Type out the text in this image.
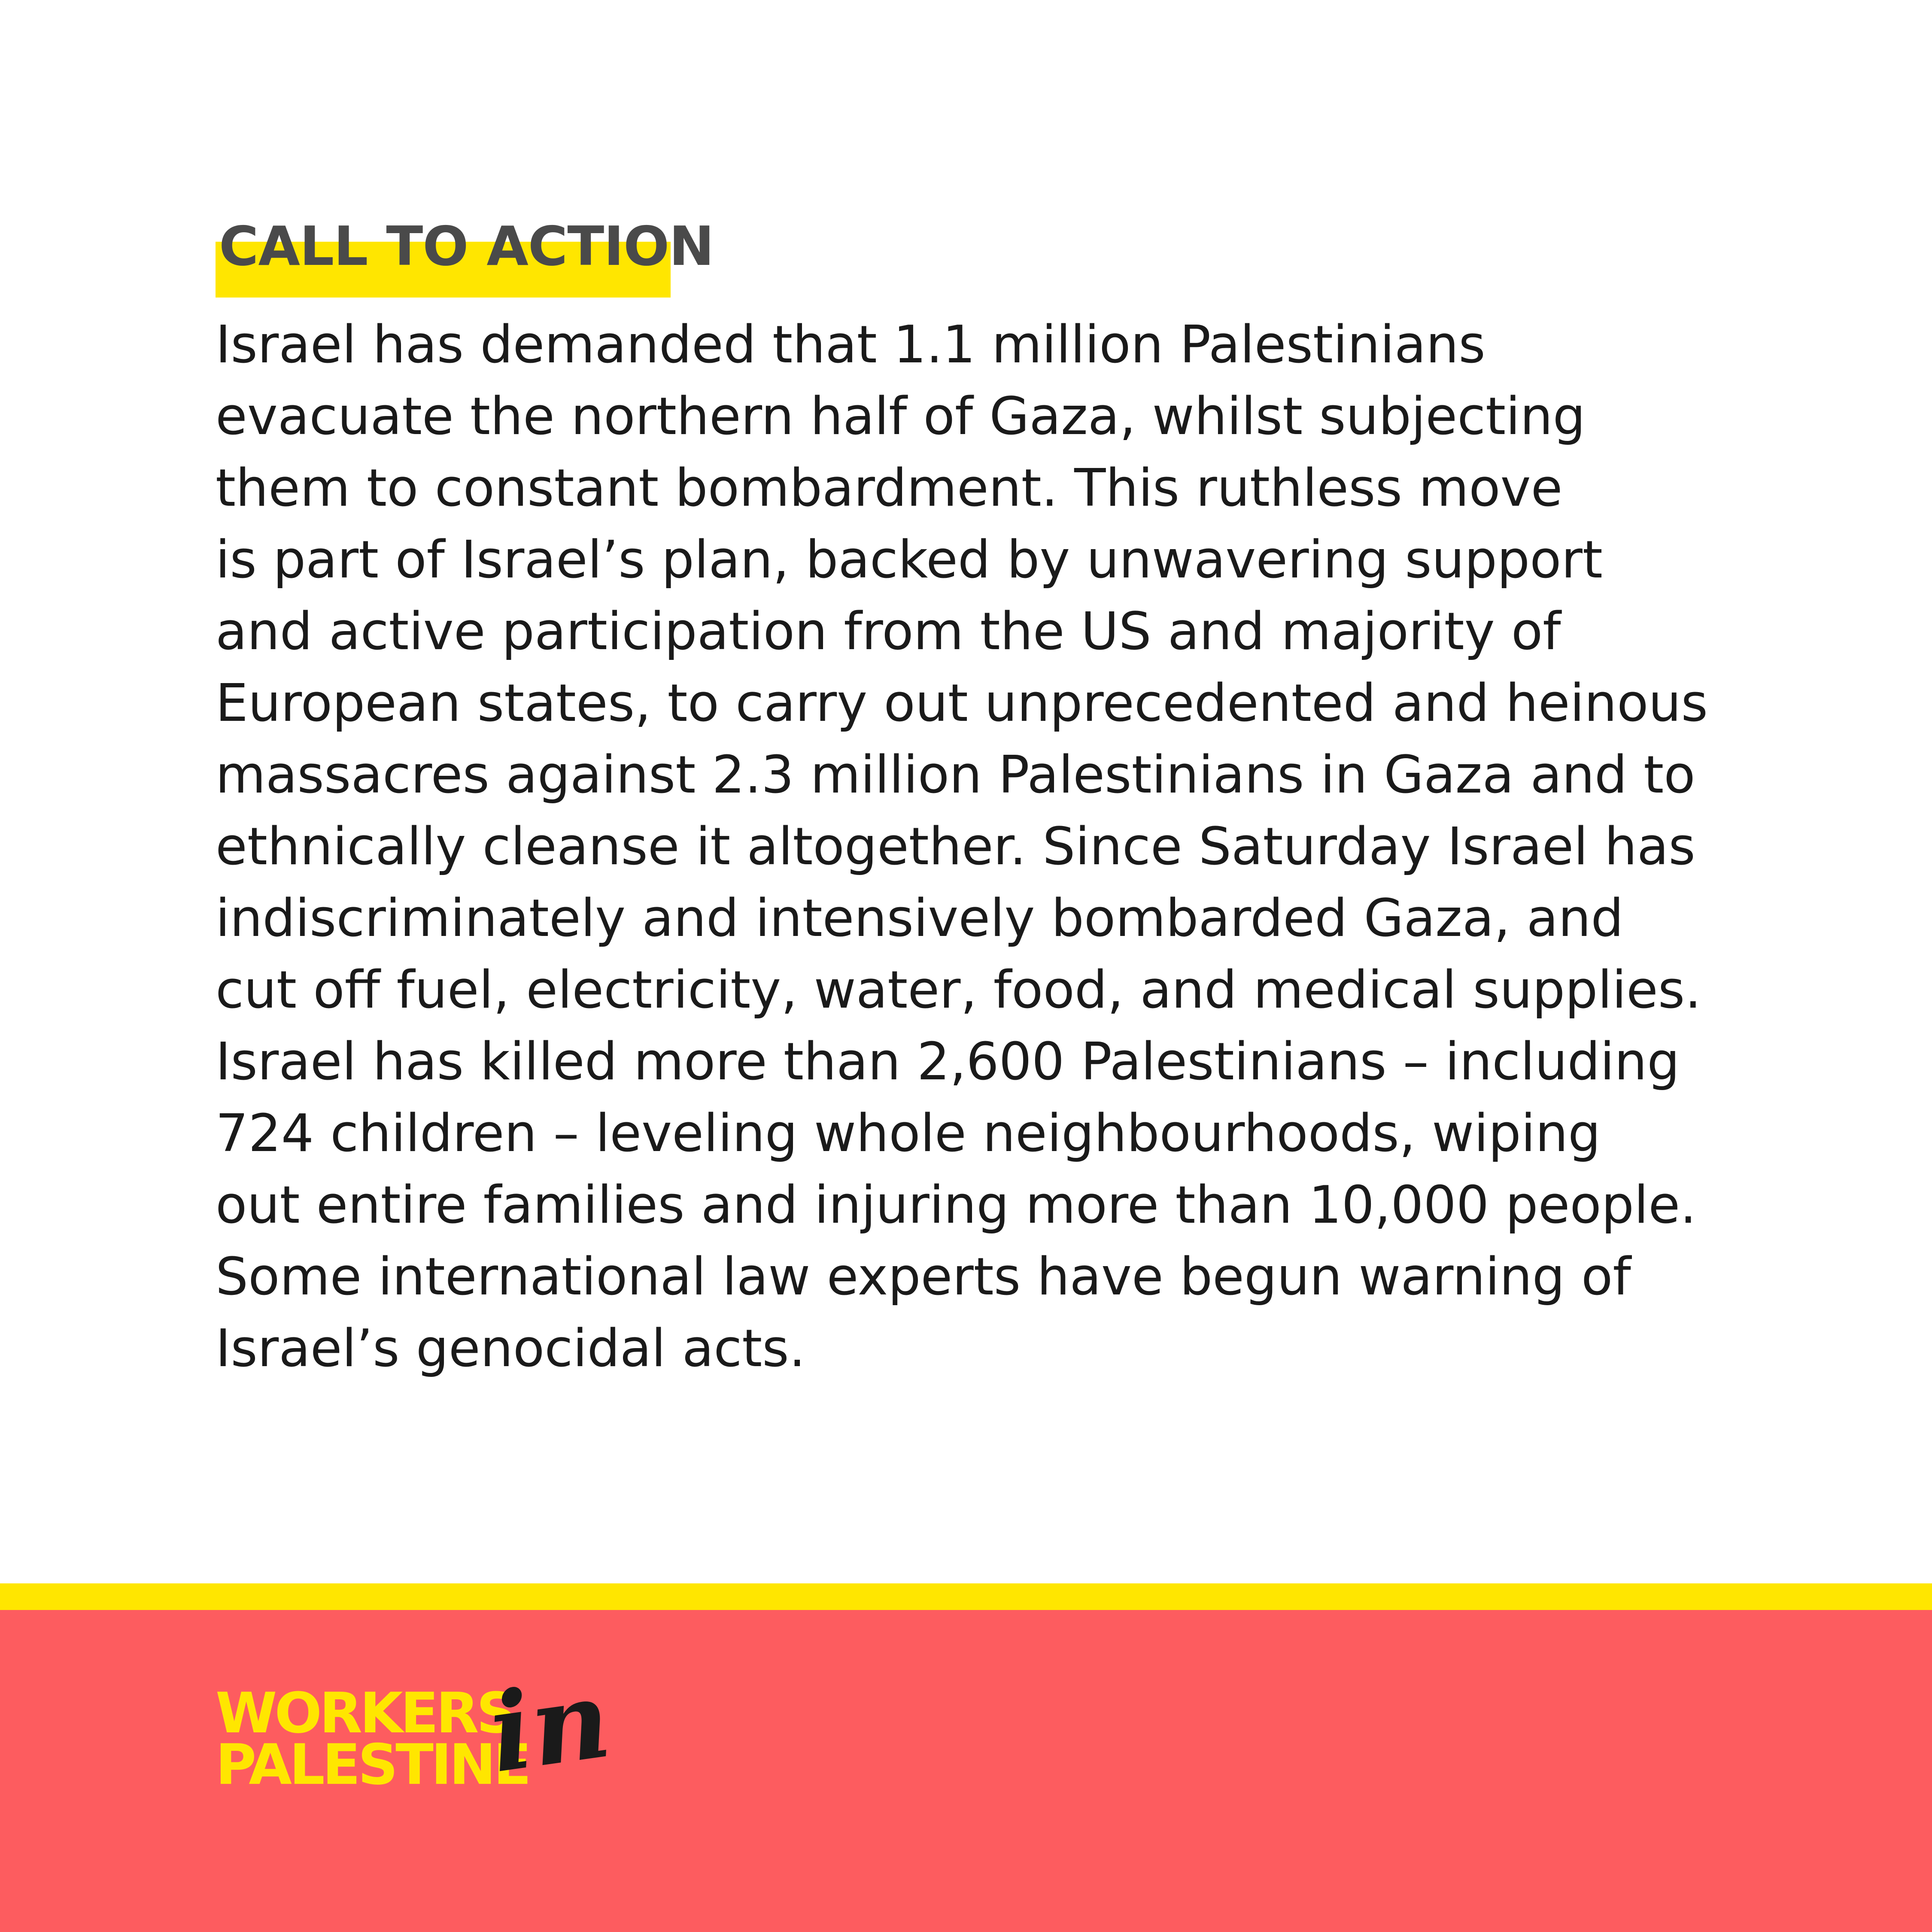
CALL TO ACTION

Israel has demanded that 1.1 million Palestinians
evacuate the northern half of Gaza, whilst subjecting
them to constant bombardment. This ruthless move
is part of Israel’s plan, backed by unwavering support
and active participation from the US and majority of
European states, to carry out unprecedented and heinous
massacres against 2.3 million Palestinians in Gaza and to
ethnically cleanse it altogether. Since Saturday Israel has
indiscriminately and intensively bombarded Gaza, and
cut off fuel, electricity, water, food, and medical supplies.
Israel has killed more than 2,600 Palestinians – including
724 children – leveling whole neighbourhoods, wiping
out entire families and injuring more than 10,000 people.
Some international law experts have begun warning of
Israel’s genocidal acts.

WORKERS
PALESTINE
in
